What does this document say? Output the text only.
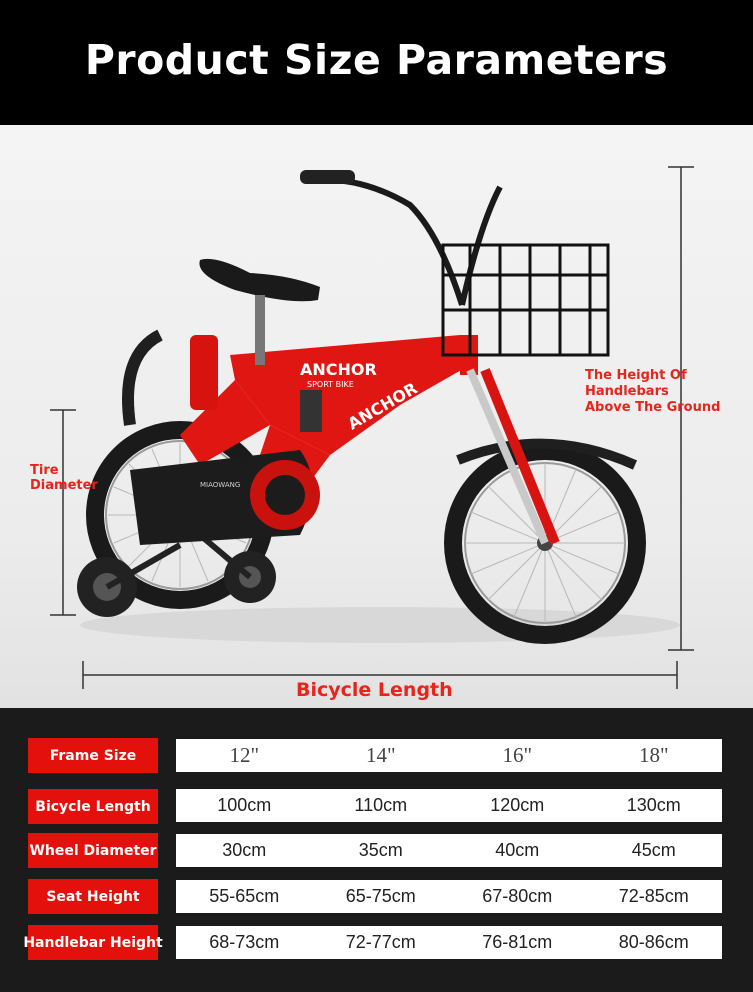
Product Size Parameters
ANCHOR
SPORT BIKE
ANCHOR
MIAOWANG
Tire
Diameter
The Height Of Handlebars
Above The Ground
Bicycle Length
Frame Size	12"	14"	16"	18"
Bicycle Length	100cm	110cm	120cm	130cm
Wheel Diameter	30cm	35cm	40cm	45cm
Seat Height	55-65cm	65-75cm	67-80cm	72-85cm
Handlebar Height	68-73cm	72-77cm	76-81cm	80-86cm
